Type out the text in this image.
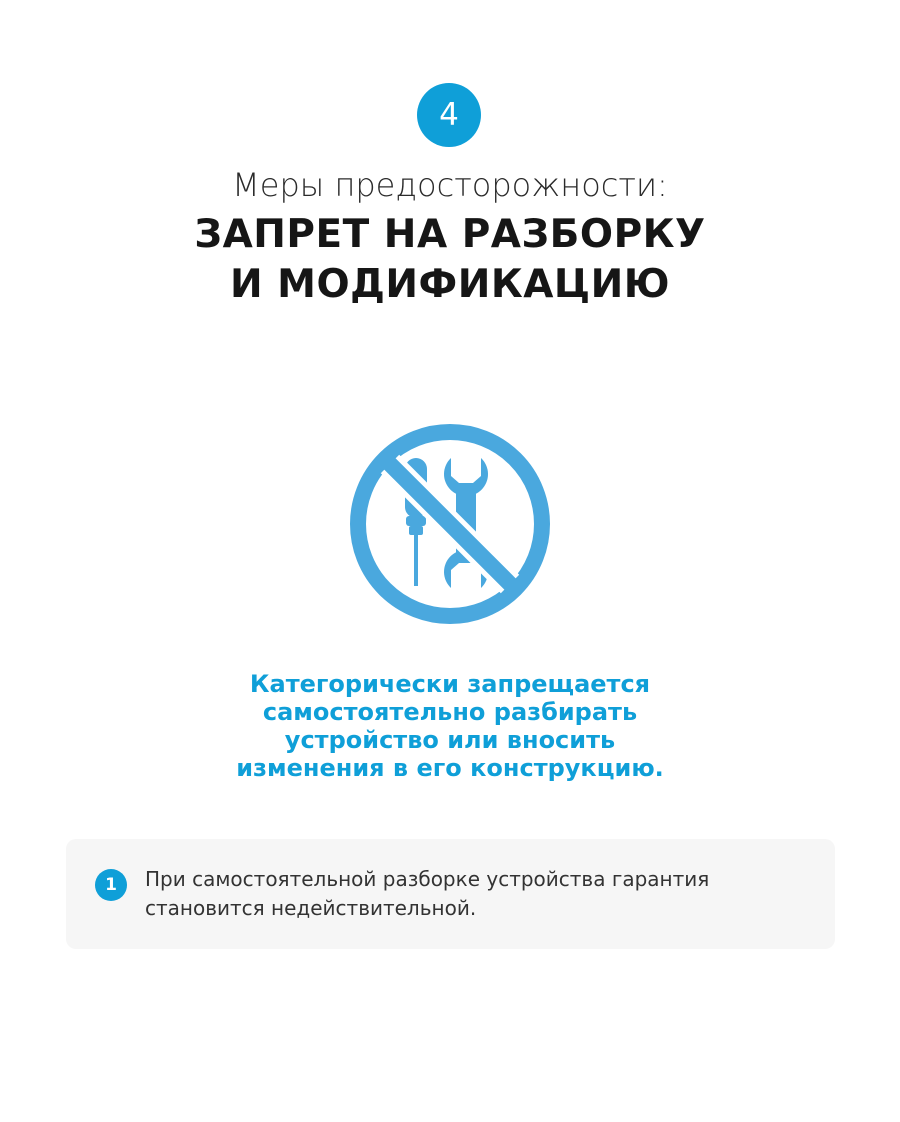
4
Меры предосторожности:
ЗАПРЕТ НА РАЗБОРКУ
И МОДИФИКАЦИЮ
Категорически запрещается
самостоятельно разбирать
устройство или вносить
изменения в его конструкцию.
1	При самостоятельной разборке устройства гарантия
становится недействительной.
